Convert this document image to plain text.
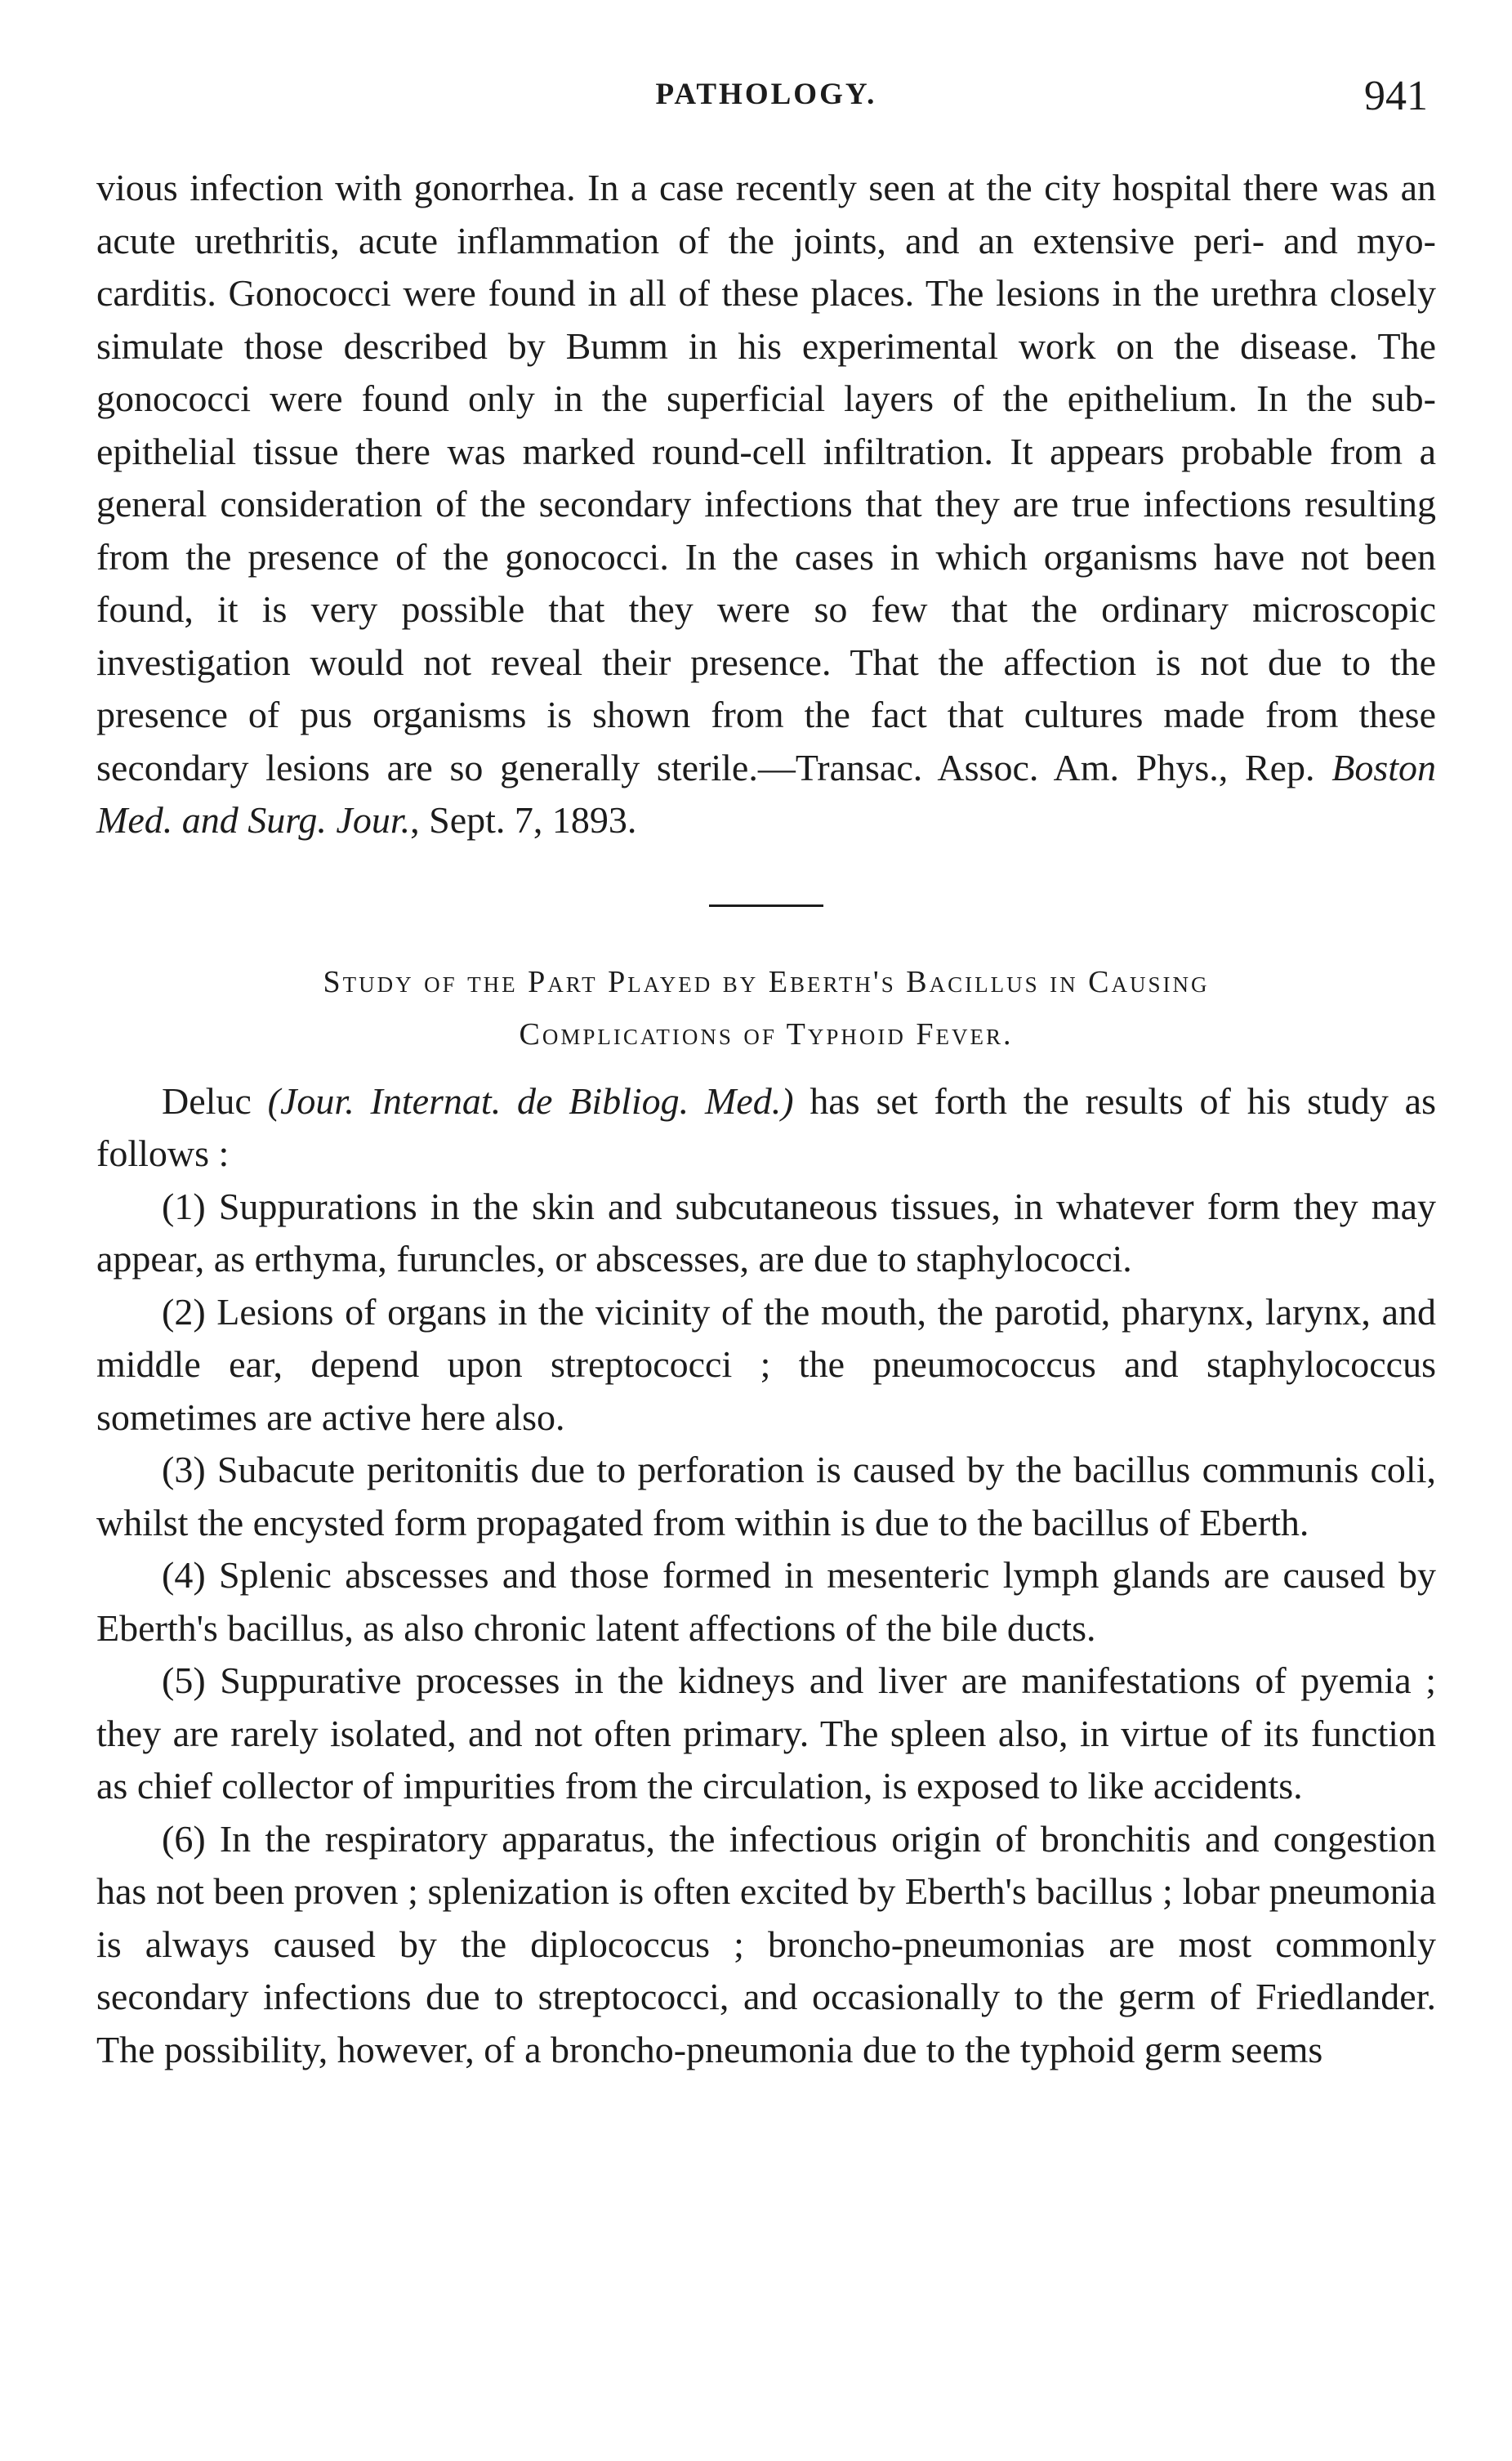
PATHOLOGY.	941

vious infection with gonorrhea. In a case recently seen at the city hospital there was an acute urethritis, acute inflammation of the joints, and an extensive peri- and myo-carditis. Gonococci were found in all of these places. The lesions in the urethra closely simulate those described by Bumm in his experimental work on the disease. The gonococci were found only in the superficial layers of the epithelium. In the sub-epithelial tissue there was marked round-cell infiltration. It appears probable from a general consideration of the secondary infections that they are true infections resulting from the presence of the gonococci. In the cases in which organisms have not been found, it is very possible that they were so few that the ordinary microscopic investigation would not reveal their presence. That the affection is not due to the presence of pus organisms is shown from the fact that cultures made from these secondary lesions are so generally sterile.—Transac. Assoc. Am. Phys., Rep. Boston Med. and Surg. Jour., Sept. 7, 1893.

Study of the Part Played by Eberth's Bacillus in Causing
Complications of Typhoid Fever.

Deluc (Jour. Internat. de Bibliog. Med.) has set forth the results of his study as follows :

(1) Suppurations in the skin and subcutaneous tissues, in whatever form they may appear, as erthyma, furuncles, or abscesses, are due to staphylococci.

(2) Lesions of organs in the vicinity of the mouth, the parotid, pharynx, larynx, and middle ear, depend upon streptococci ; the pneumococcus and staphylococcus sometimes are active here also.

(3) Subacute peritonitis due to perforation is caused by the bacillus communis coli, whilst the encysted form propagated from within is due to the bacillus of Eberth.

(4) Splenic abscesses and those formed in mesenteric lymph glands are caused by Eberth's bacillus, as also chronic latent affections of the bile ducts.

(5) Suppurative processes in the kidneys and liver are manifestations of pyemia ; they are rarely isolated, and not often primary. The spleen also, in virtue of its function as chief collector of impurities from the circulation, is exposed to like accidents.

(6) In the respiratory apparatus, the infectious origin of bronchitis and congestion has not been proven ; splenization is often excited by Eberth's bacillus ; lobar pneumonia is always caused by the diplococcus ; broncho-pneumonias are most commonly secondary infections due to streptococci, and occasionally to the germ of Friedlander. The possibility, however, of a broncho-pneumonia due to the typhoid germ seems
